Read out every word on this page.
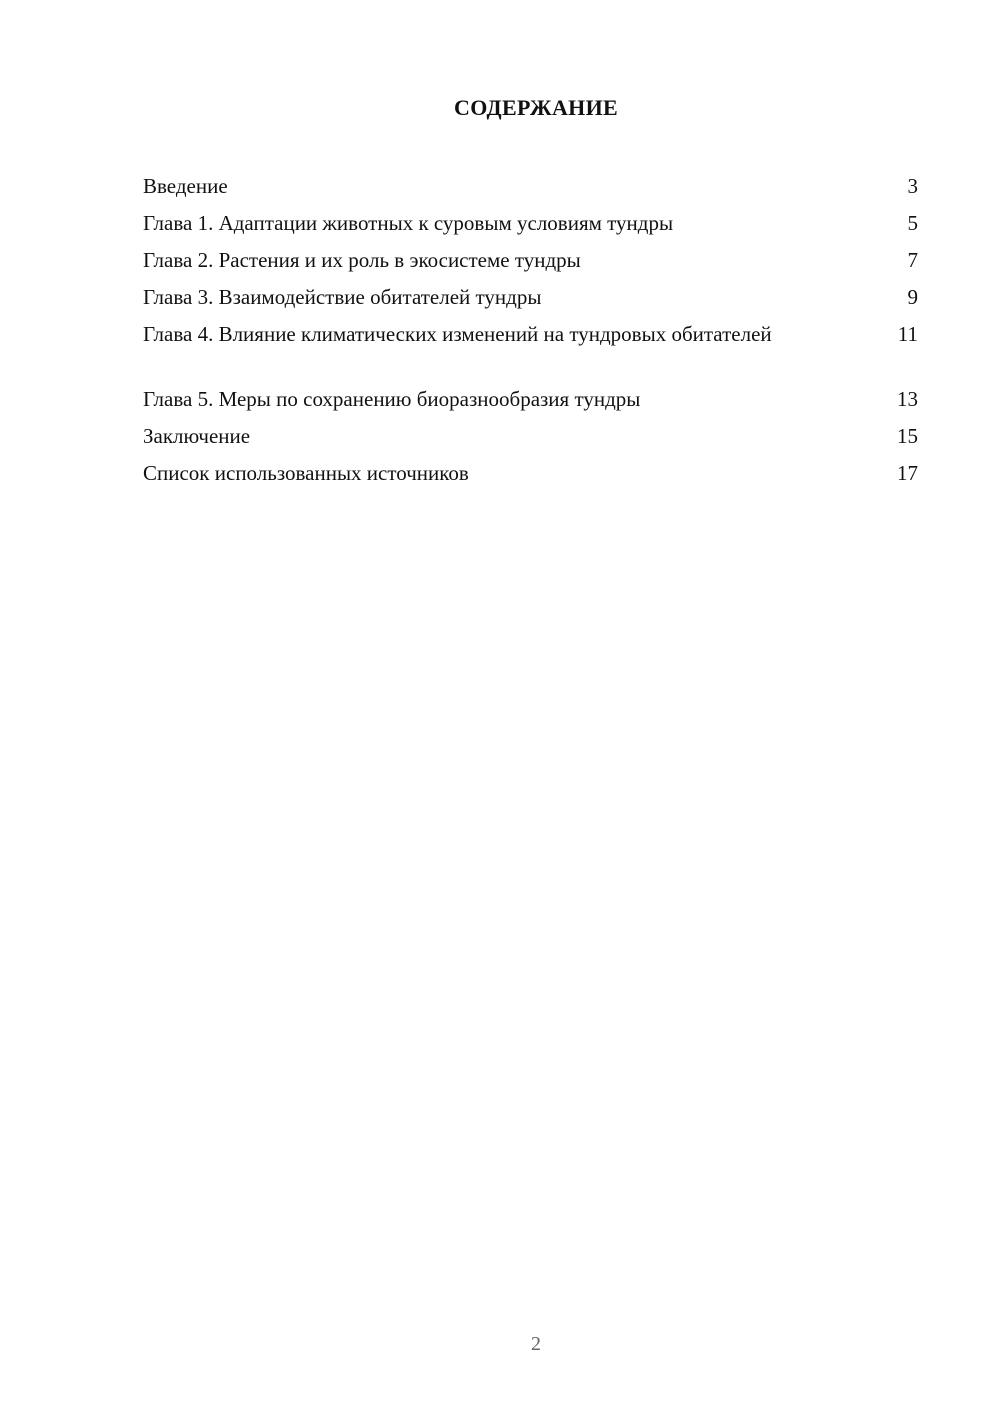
СОДЕРЖАНИЕ
Введение	3
Глава 1. Адаптации животных к суровым условиям тундры	5
Глава 2. Растения и их роль в экосистеме тундры	7
Глава 3. Взаимодействие обитателей тундры	9
Глава 4. Влияние климатических изменений на тундровых обитателей	11
Глава 5. Меры по сохранению биоразнообразия тундры	13
Заключение	15
Список использованных источников	17
2
